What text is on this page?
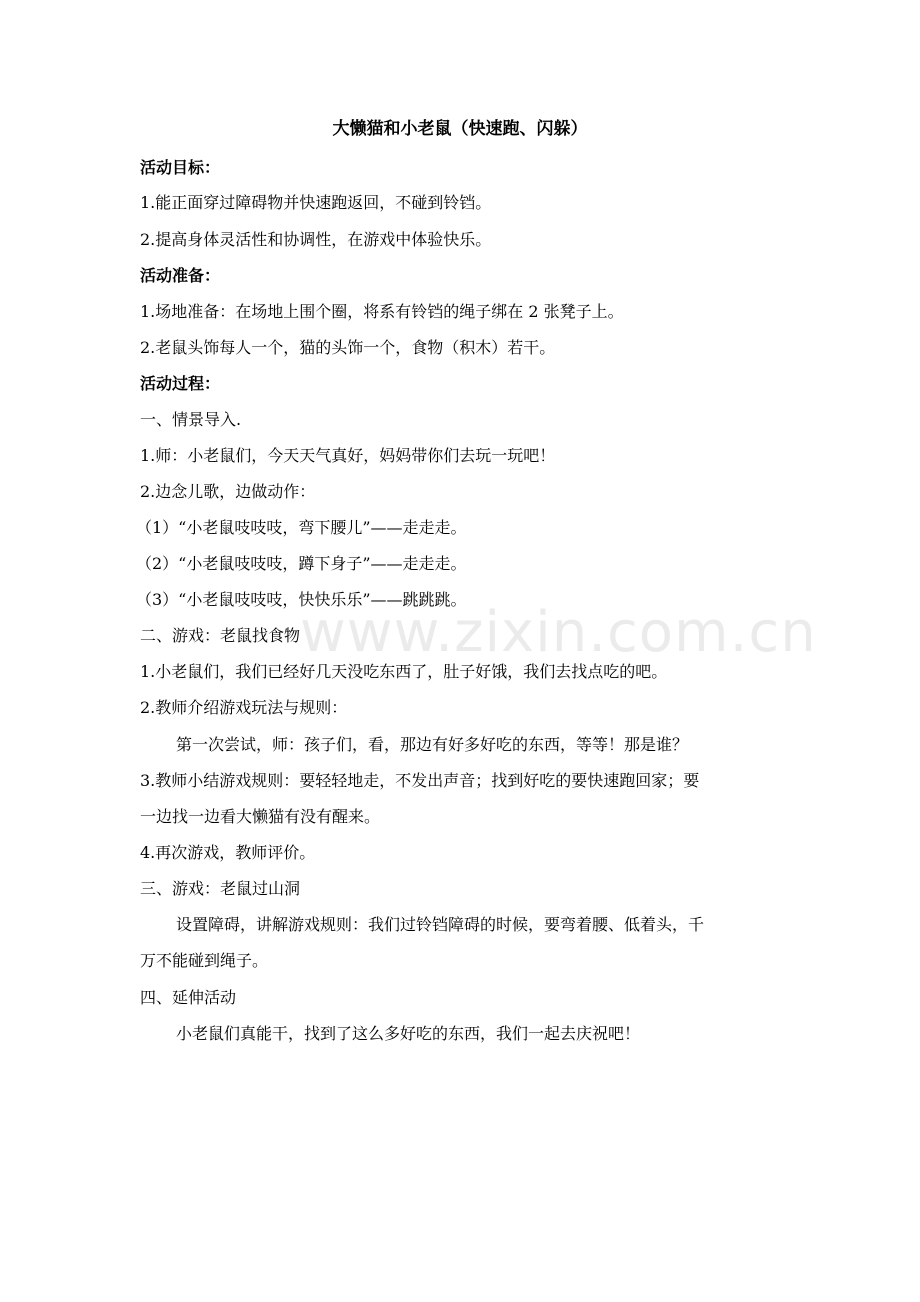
大懒猫和小老鼠（快速跑、闪躲）
活动目标：
1.能正面穿过障碍物并快速跑返回，不碰到铃铛。
2.提高身体灵活性和协调性，在游戏中体验快乐。
活动准备：
1.场地准备：在场地上围个圈，将系有铃铛的绳子绑在 2 张凳子上。
2.老鼠头饰每人一个，猫的头饰一个，食物（积木）若干。
活动过程：
一、情景导入.
1.师：小老鼠们，今天天气真好，妈妈带你们去玩一玩吧！
2.边念儿歌，边做动作：
（1）“小老鼠吱吱吱，弯下腰儿”——走走走。
（2）“小老鼠吱吱吱，蹲下身子”——走走走。
（3）“小老鼠吱吱吱，快快乐乐”——跳跳跳。
二、游戏：老鼠找食物
1.小老鼠们，我们已经好几天没吃东西了，肚子好饿，我们去找点吃的吧。
2.教师介绍游戏玩法与规则：
第一次尝试，师：孩子们，看，那边有好多好吃的东西，等等！那是谁？
3.教师小结游戏规则：要轻轻地走，不发出声音；找到好吃的要快速跑回家；要
一边找一边看大懒猫有没有醒来。
4.再次游戏，教师评价。
三、游戏：老鼠过山洞
设置障碍，讲解游戏规则：我们过铃铛障碍的时候，要弯着腰、低着头，千
万不能碰到绳子。
四、延伸活动
小老鼠们真能干，找到了这么多好吃的东西，我们一起去庆祝吧！
www.zixin.com.cn
